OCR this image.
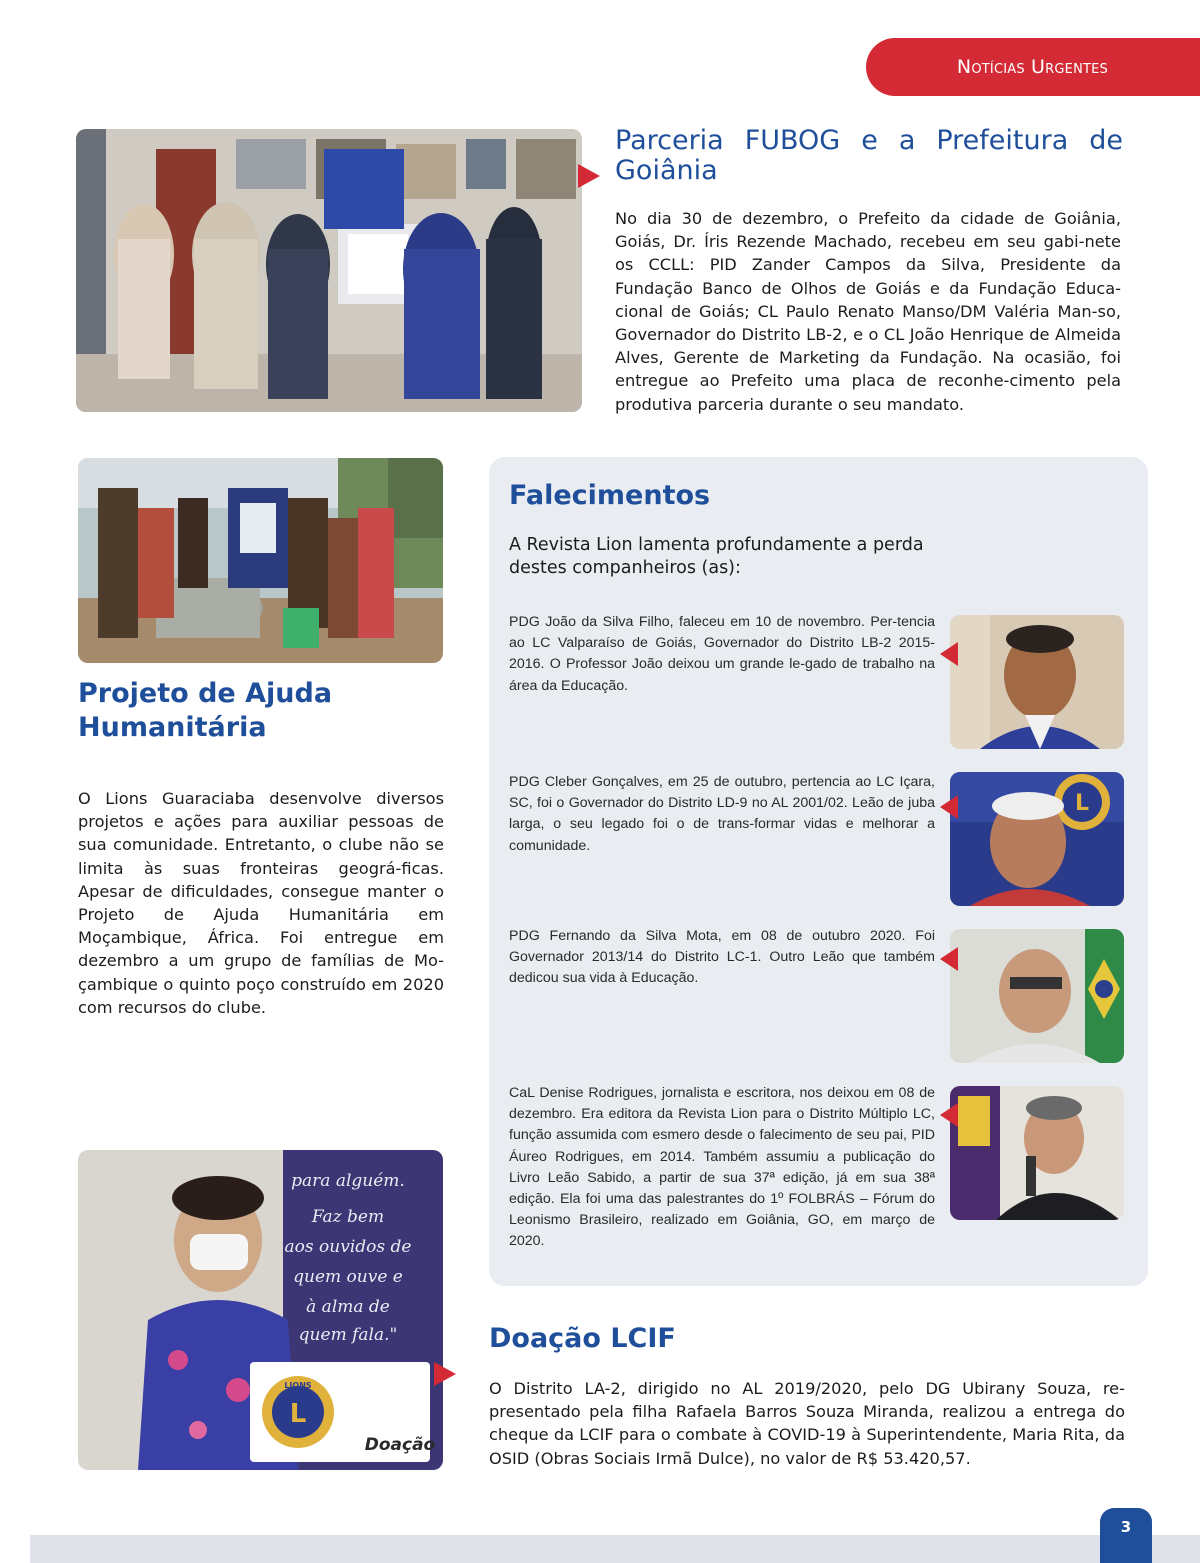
Notícias Urgentes
Parceria FUBOG e a Prefeitura de
Goiânia

No dia 30 de dezembro, o Prefeito da cidade de Goiânia, Goiás, Dr. Íris Rezende Machado, recebeu em seu gabi-nete os CCLL: PID Zander Campos da Silva, Presidente da Fundação Banco de Olhos de Goiás e da Fundação Educa-cional de Goiás; CL Paulo Renato Manso/DM Valéria Man-so, Governador do Distrito LB-2, e o CL João Henrique de Almeida Alves, Gerente de Marketing da Fundação. Na ocasião, foi entregue ao Prefeito uma placa de reconhe-cimento pela produtiva parceria durante o seu mandato.

Projeto de Ajuda
Humanitária

O Lions Guaraciaba desenvolve diversos projetos e ações para auxiliar pessoas de sua comunidade. Entretanto, o clube não se limita às suas fronteiras geográ-ficas. Apesar de dificuldades, consegue manter o Projeto de Ajuda Humanitária em Moçambique, África. Foi entregue em dezembro a um grupo de famílias de Mo-çambique o quinto poço construído em 2020 com recursos do clube.

Falecimentos

A Revista Lion lamenta profundamente a perda destes companheiros (as):

PDG João da Silva Filho, faleceu em 10 de novembro. Per-tencia ao LC Valparaíso de Goiás, Governador do Distrito LB-2 2015-2016. O Professor João deixou um grande le-gado de trabalho na área da Educação.

PDG Cleber Gonçalves, em 25 de outubro, pertencia ao LC Içara, SC, foi o Governador do Distrito LD-9 no AL 2001/02. Leão de juba larga, o seu legado foi o de trans-formar vidas e melhorar a comunidade.

PDG Fernando da Silva Mota, em 08 de outubro 2020. Foi Governador 2013/14 do Distrito LC-1. Outro Leão que também dedicou sua vida à Educação.

CaL Denise Rodrigues, jornalista e escritora, nos deixou em 08 de dezembro. Era editora da Revista Lion para o Distrito Múltiplo LC, função assumida com esmero desde o falecimento de seu pai, PID Áureo Rodrigues, em 2014. Também assumiu a publicação do Livro Leão Sabido, a partir de sua 37ª edição, já em sua 38ª edição. Ela foi uma das palestrantes do 1º FOLBRÁS – Fórum do Leonismo Brasileiro, realizado em Goiânia, GO, em março de 2020.

L
para alguém.
Faz bem
aos ouvidos de
quem ouve e
à alma de
quem fala."
L
LIONS
Doação
Doação LCIF

O Distrito LA-2, dirigido no AL 2019/2020, pelo DG Ubirany Souza, re-presentado pela filha Rafaela Barros Souza Miranda, realizou a entrega do cheque da LCIF para o combate à COVID-19 à Superintendente, Maria Rita, da OSID (Obras Sociais Irmã Dulce), no valor de R$ 53.420,57.

3
